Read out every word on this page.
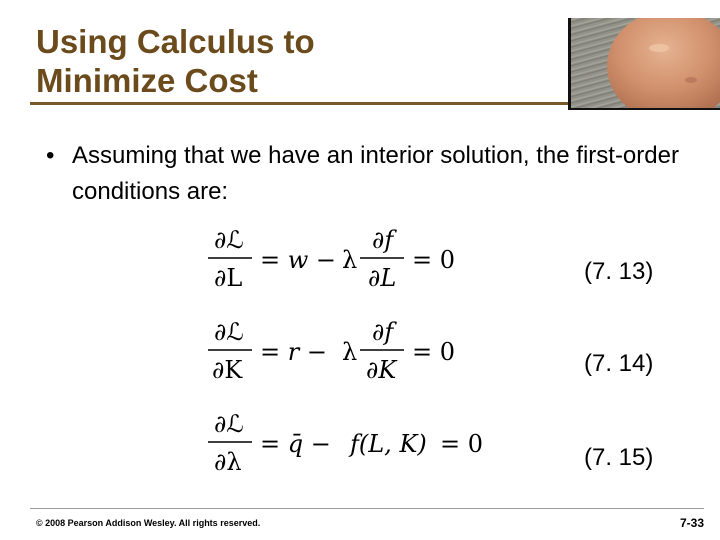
Using Calculus to
Minimize Cost
• Assuming that we have an interior solution, the first-order conditions are:
∂ℒ
∂L
= w − λ
∂f
∂L
= 0	(7. 13)
∂ℒ
∂K
= r − λ
∂f
∂K
= 0	(7. 14)
∂ℒ
∂λ
= q̄ − f(L, K) = 0	(7. 15)
© 2008 Pearson Addison Wesley. All rights reserved.	7-33
